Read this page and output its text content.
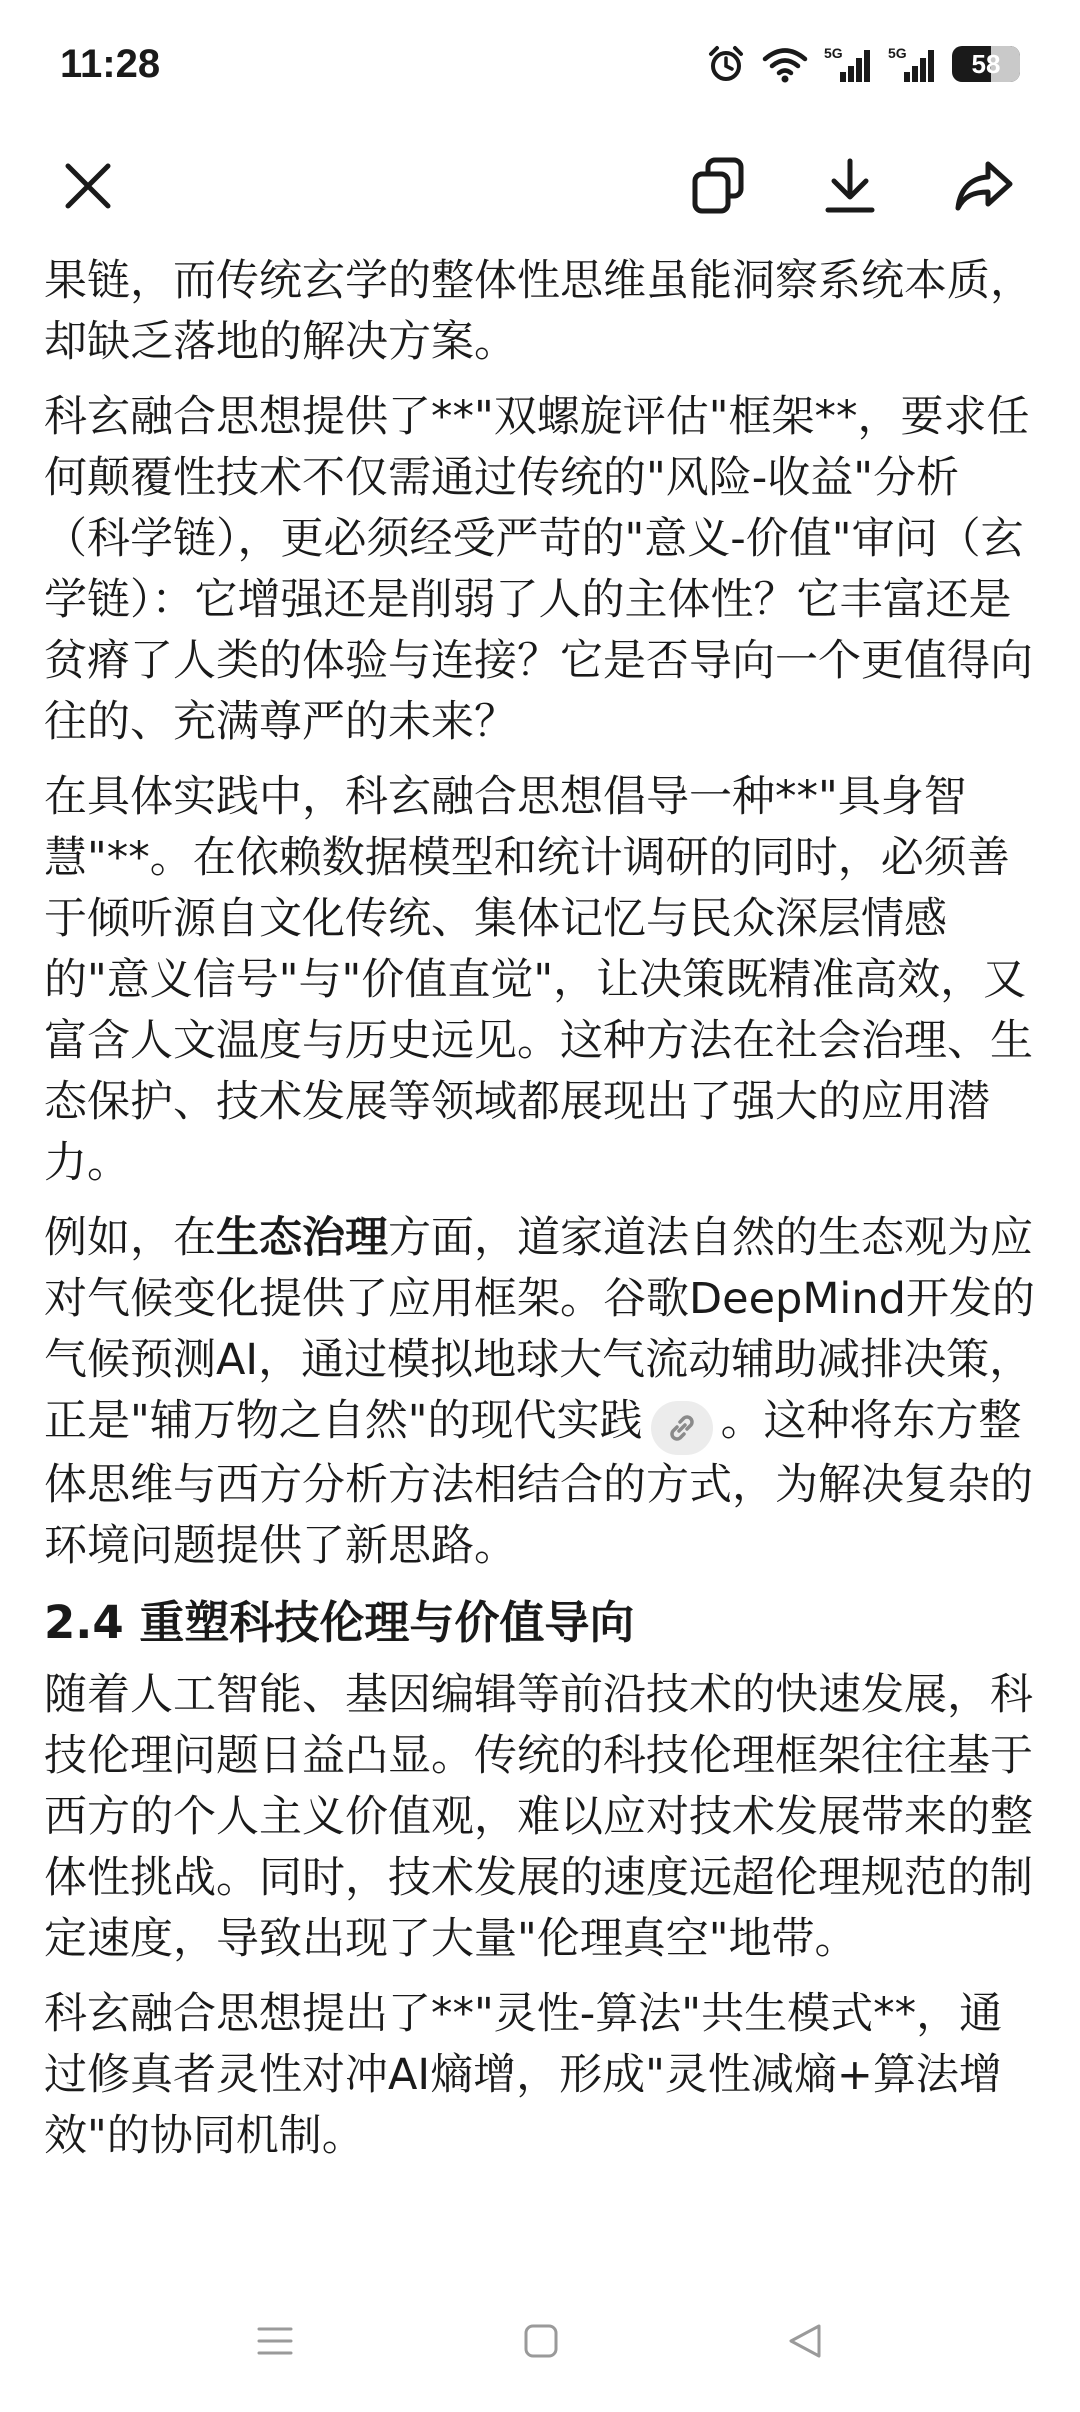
11:28	5G	5G	58

果链，而传统玄学的整体性思维虽能洞察系统本质，却缺乏落地的解决方案。

科玄融合思想提供了**"双螺旋评估"框架**，要求任何颠覆性技术不仅需通过传统的"风险-收益"分析（科学链），更必须经受严苛的"意义-价值"审问（玄学链）：它增强还是削弱了人的主体性？它丰富还是贫瘠了人类的体验与连接？它是否导向一个更值得向往的、充满尊严的未来？

在具体实践中，科玄融合思想倡导一种**"具身智慧"**。在依赖数据模型和统计调研的同时，必须善于倾听源自文化传统、集体记忆与民众深层情感的"意义信号"与"价值直觉"，让决策既精准高效，又富含人文温度与历史远见。这种方法在社会治理、生态保护、技术发展等领域都展现出了强大的应用潜力。

例如，在生态治理方面，道家道法自然的生态观为应对气候变化提供了应用框架。谷歌DeepMind开发的气候预测AI，通过模拟地球大气流动辅助减排决策，正是"辅万物之自然"的现代实践 。这种将东方整体思维与西方分析方法相结合的方式，为解决复杂的环境问题提供了新思路。

2.4 重塑科技伦理与价值导向

随着人工智能、基因编辑等前沿技术的快速发展，科技伦理问题日益凸显。传统的科技伦理框架往往基于西方的个人主义价值观，难以应对技术发展带来的整体性挑战。同时，技术发展的速度远超伦理规范的制定速度，导致出现了大量"伦理真空"地带。

科玄融合思想提出了**"灵性-算法"共生模式**，通过修真者灵性对冲AI熵增，形成"灵性减熵+算法增效"的协同机制。
